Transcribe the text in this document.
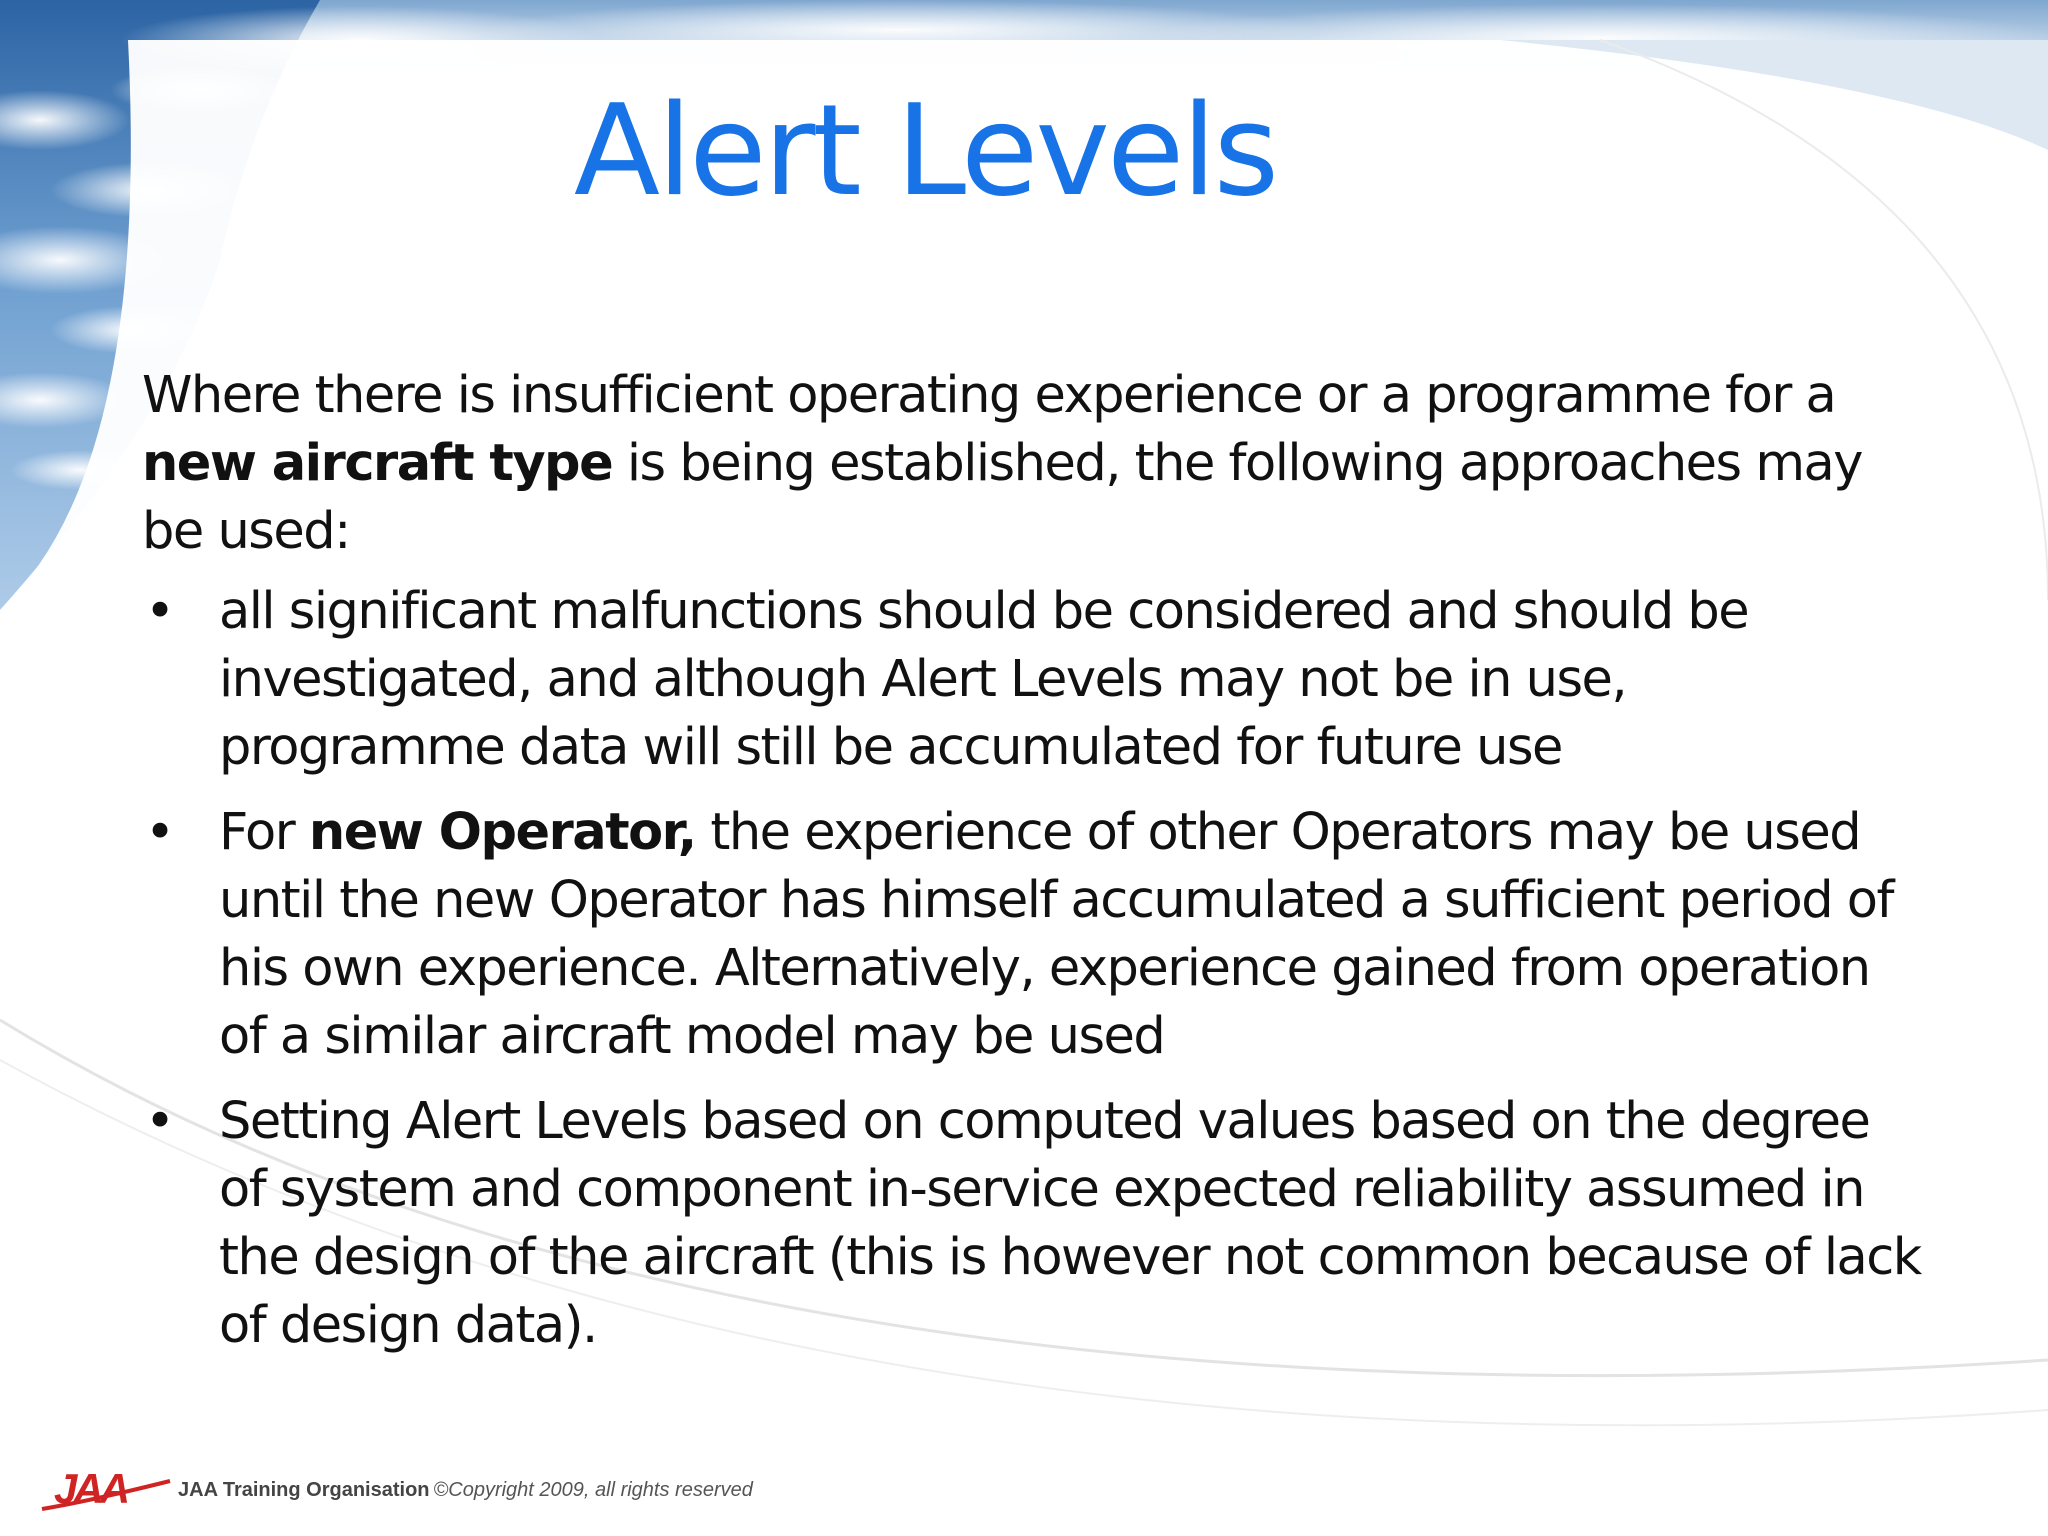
Alert Levels

Where there is insufficient operating experience or a programme for a new aircraft type is being established, the following approaches may be used:

• all significant malfunctions should be considered and should be investigated, and although Alert Levels may not be in use, programme data will still be accumulated for future use
• For new Operator, the experience of other Operators may be used until the new Operator has himself accumulated a sufficient period of his own experience. Alternatively, experience gained from operation of a similar aircraft model may be used
• Setting Alert Levels based on computed values based on the degree of system and component in-service expected reliability assumed in the design of the aircraft (this is however not common because of lack of design data).
JAA	JAA Training Organisation ©Copyright 2009, all rights reserved
